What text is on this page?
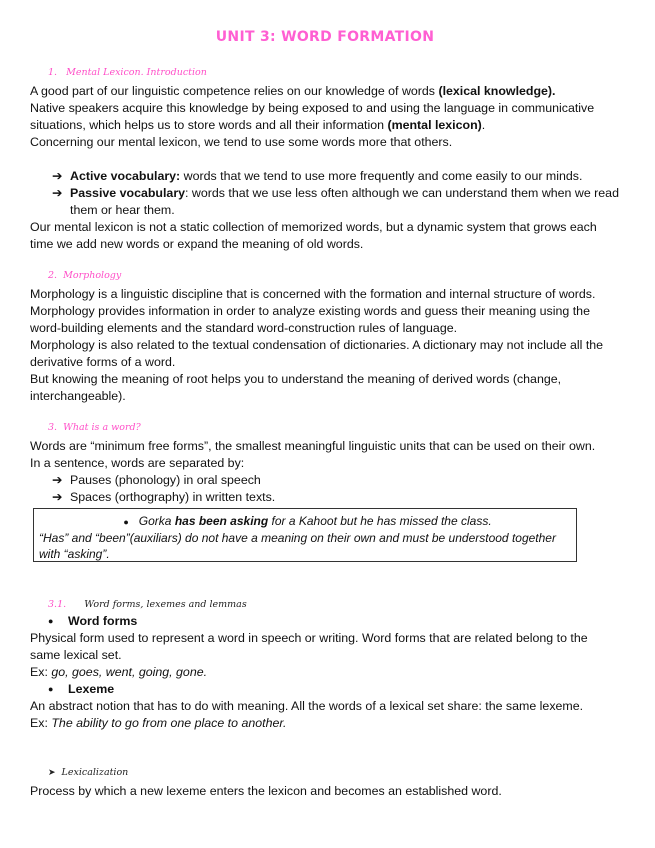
UNIT 3: WORD FORMATION
1. Mental Lexicon. Introduction
A good part of our linguistic competence relies on our knowledge of words (lexical knowledge).
Native speakers acquire this knowledge by being exposed to and using the language in communicative situations, which helps us to store words and all their information (mental lexicon).
Concerning our mental lexicon, we tend to use some words more that others.
➔ Active vocabulary: words that we tend to use more frequently and come easily to our minds.
➔ Passive vocabulary: words that we use less often although we can understand them when we read them or hear them.
Our mental lexicon is not a static collection of memorized words, but a dynamic system that grows each time we add new words or expand the meaning of old words.
2. Morphology
Morphology is a linguistic discipline that is concerned with the formation and internal structure of words.
Morphology provides information in order to analyze existing words and guess their meaning using the word-building elements and the standard word-construction rules of language.
Morphology is also related to the textual condensation of dictionaries. A dictionary may not include all the derivative forms of a word.
But knowing the meaning of root helps you to understand the meaning of derived words (change, interchangeable).
3. What is a word?
Words are “minimum free forms”, the smallest meaningful linguistic units that can be used on their own.
In a sentence, words are separated by:
➔ Pauses (phonology) in oral speech
➔ Spaces (orthography) in written texts.
● Gorka has been asking for a Kahoot but he has missed the class.
“Has” and “been”(auxiliars) do not have a meaning on their own and must be understood together with “asking”.
3.1. Word forms, lexemes and lemmas
● Word forms
Physical form used to represent a word in speech or writing. Word forms that are related belong to the same lexical set.
Ex: go, goes, went, going, gone.
● Lexeme
An abstract notion that has to do with meaning. All the words of a lexical set share: the same lexeme.
Ex: The ability to go from one place to another.
➤ Lexicalization
Process by which a new lexeme enters the lexicon and becomes an established word.
